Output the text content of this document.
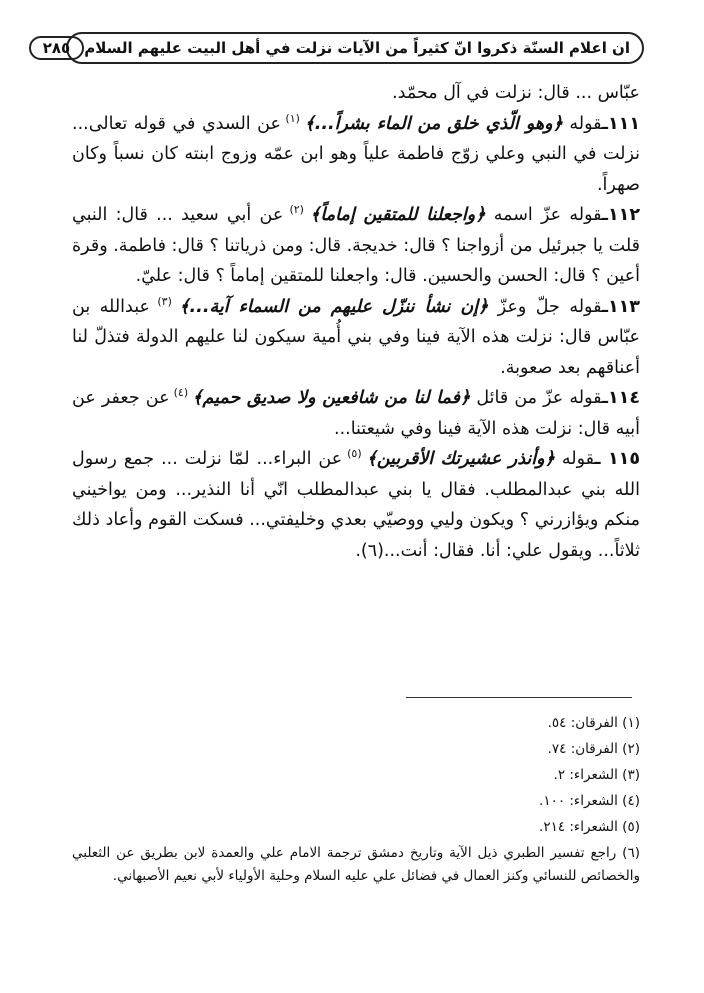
ان اعلام السنّة ذكروا انّ كثيراً من الآيات نزلت في أهل البيت عليهم السلام
٢٨٥

عبّاس ... قال: نزلت في آل محمّد.

١١١ـقوله ﴿وهو الّذي خلق من الماء بشراً...﴾ $^{(١)}$ عن السدي في قوله تعالى... نزلت في النبي وعلي زوّج فاطمة علياً وهو ابن عمّه وزوج ابنته كان نسباً وكان صهراً.

١١٢ـقوله عزّ اسمه ﴿واجعلنا للمتقين إماماً﴾ $^{(٢)}$ عن أبي سعيد ... قال: النبي قلت يا جبرئيل من أزواجنا ؟ قال: خديجة. قال: ومن ذرياتنا ؟ قال: فاطمة. وقرة أعين ؟ قال: الحسن والحسين. قال: واجعلنا للمتقين إماماً ؟ قال: عليّ.

١١٣ـقوله جلّ وعزّ ﴿إن نشأ ننزّل عليهم من السماء آية...﴾ $^{(٣)}$ عبدالله بن عبّاس قال: نزلت هذه الآية فينا وفي بني أُمية سيكون لنا عليهم الدولة فتذلّ لنا أعناقهم بعد صعوبة.

١١٤ـقوله عزّ من قائل ﴿فما لنا من شافعين ولا صديق حميم﴾ $^{(٤)}$ عن جعفر عن أبيه قال: نزلت هذه الآية فينا وفي شيعتنا...

١١٥ ـقوله ﴿وأنذر عشيرتك الأقربين﴾ $^{(٥)}$ عن البراء... لمّا نزلت ... جمع رسول الله بني عبدالمطلب. فقال يا بني عبدالمطلب انّي أنا النذير... ومن يواخيني منكم ويؤازرني ؟ ويكون وليي ووصيّي بعدي وخليفتي... فسكت القوم وأعاد ذلك ثلاثاً... ويقول علي: أنا. فقال: أنت...(٦).

(١) الفرقان: ٥٤.

(٢) الفرقان: ٧٤.

(٣) الشعراء: ٢.

(٤) الشعراء: ١٠٠.

(٥) الشعراء: ٢١٤.

(٦) راجع تفسير الطبري ذيل الآية وتاريخ دمشق ترجمة الامام علي والعمدة لابن بطريق عن الثعلبي والخصائص للنسائي وكنز العمال في فضائل علي عليه السلام وحلية الأولياء لأبي نعيم الأصبهاني.
